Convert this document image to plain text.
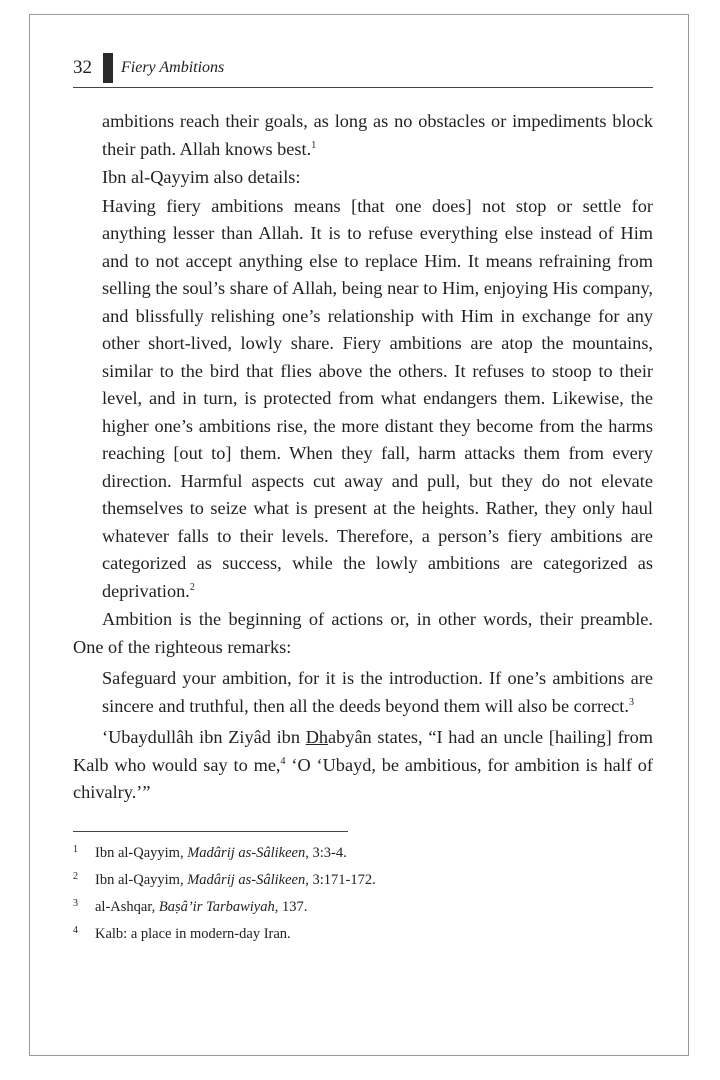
32 Fiery Ambitions

ambitions reach their goals, as long as no obstacles or impediments block their path. Allah knows best.$^1$

Ibn al-Qayyim also details:

Having fiery ambitions means [that one does] not stop or settle for anything lesser than Allah. It is to refuse everything else instead of Him and to not accept anything else to replace Him. It means refraining from selling the soul’s share of Allah, being near to Him, enjoying His company, and blissfully relishing one’s relationship with Him in exchange for any other short-lived, lowly share. Fiery ambitions are atop the mountains, similar to the bird that flies above the others. It refuses to stoop to their level, and in turn, is protected from what endangers them. Likewise, the higher one’s ambitions rise, the more distant they become from the harms reaching [out to] them. When they fall, harm attacks them from every direction. Harmful aspects cut away and pull, but they do not elevate themselves to seize what is present at the heights. Rather, they only haul whatever falls to their levels. Therefore, a person’s fiery ambitions are categorized as success, while the lowly ambitions are categorized as deprivation.$^2$

Ambition is the beginning of actions or, in other words, their preamble. One of the righteous remarks:

Safeguard your ambition, for it is the introduction. If one’s ambitions are sincere and truthful, then all the deeds beyond them will also be correct.$^3$

‘Ubaydullâh ibn Ziyâd ibn Dhabyân states, “I had an uncle [hailing] from Kalb who would say to me,$^4$ ‘O ‘Ubayd, be ambitious, for ambition is half of chivalry.’”

1	Ibn al-Qayyim, Madârij as-Sâlikeen, 3:3-4.
2	Ibn al-Qayyim, Madârij as-Sâlikeen, 3:171-172.
3	al-Ashqar, Baṣâ’ir Tarbawiyah, 137.
4	Kalb: a place in modern-day Iran.
